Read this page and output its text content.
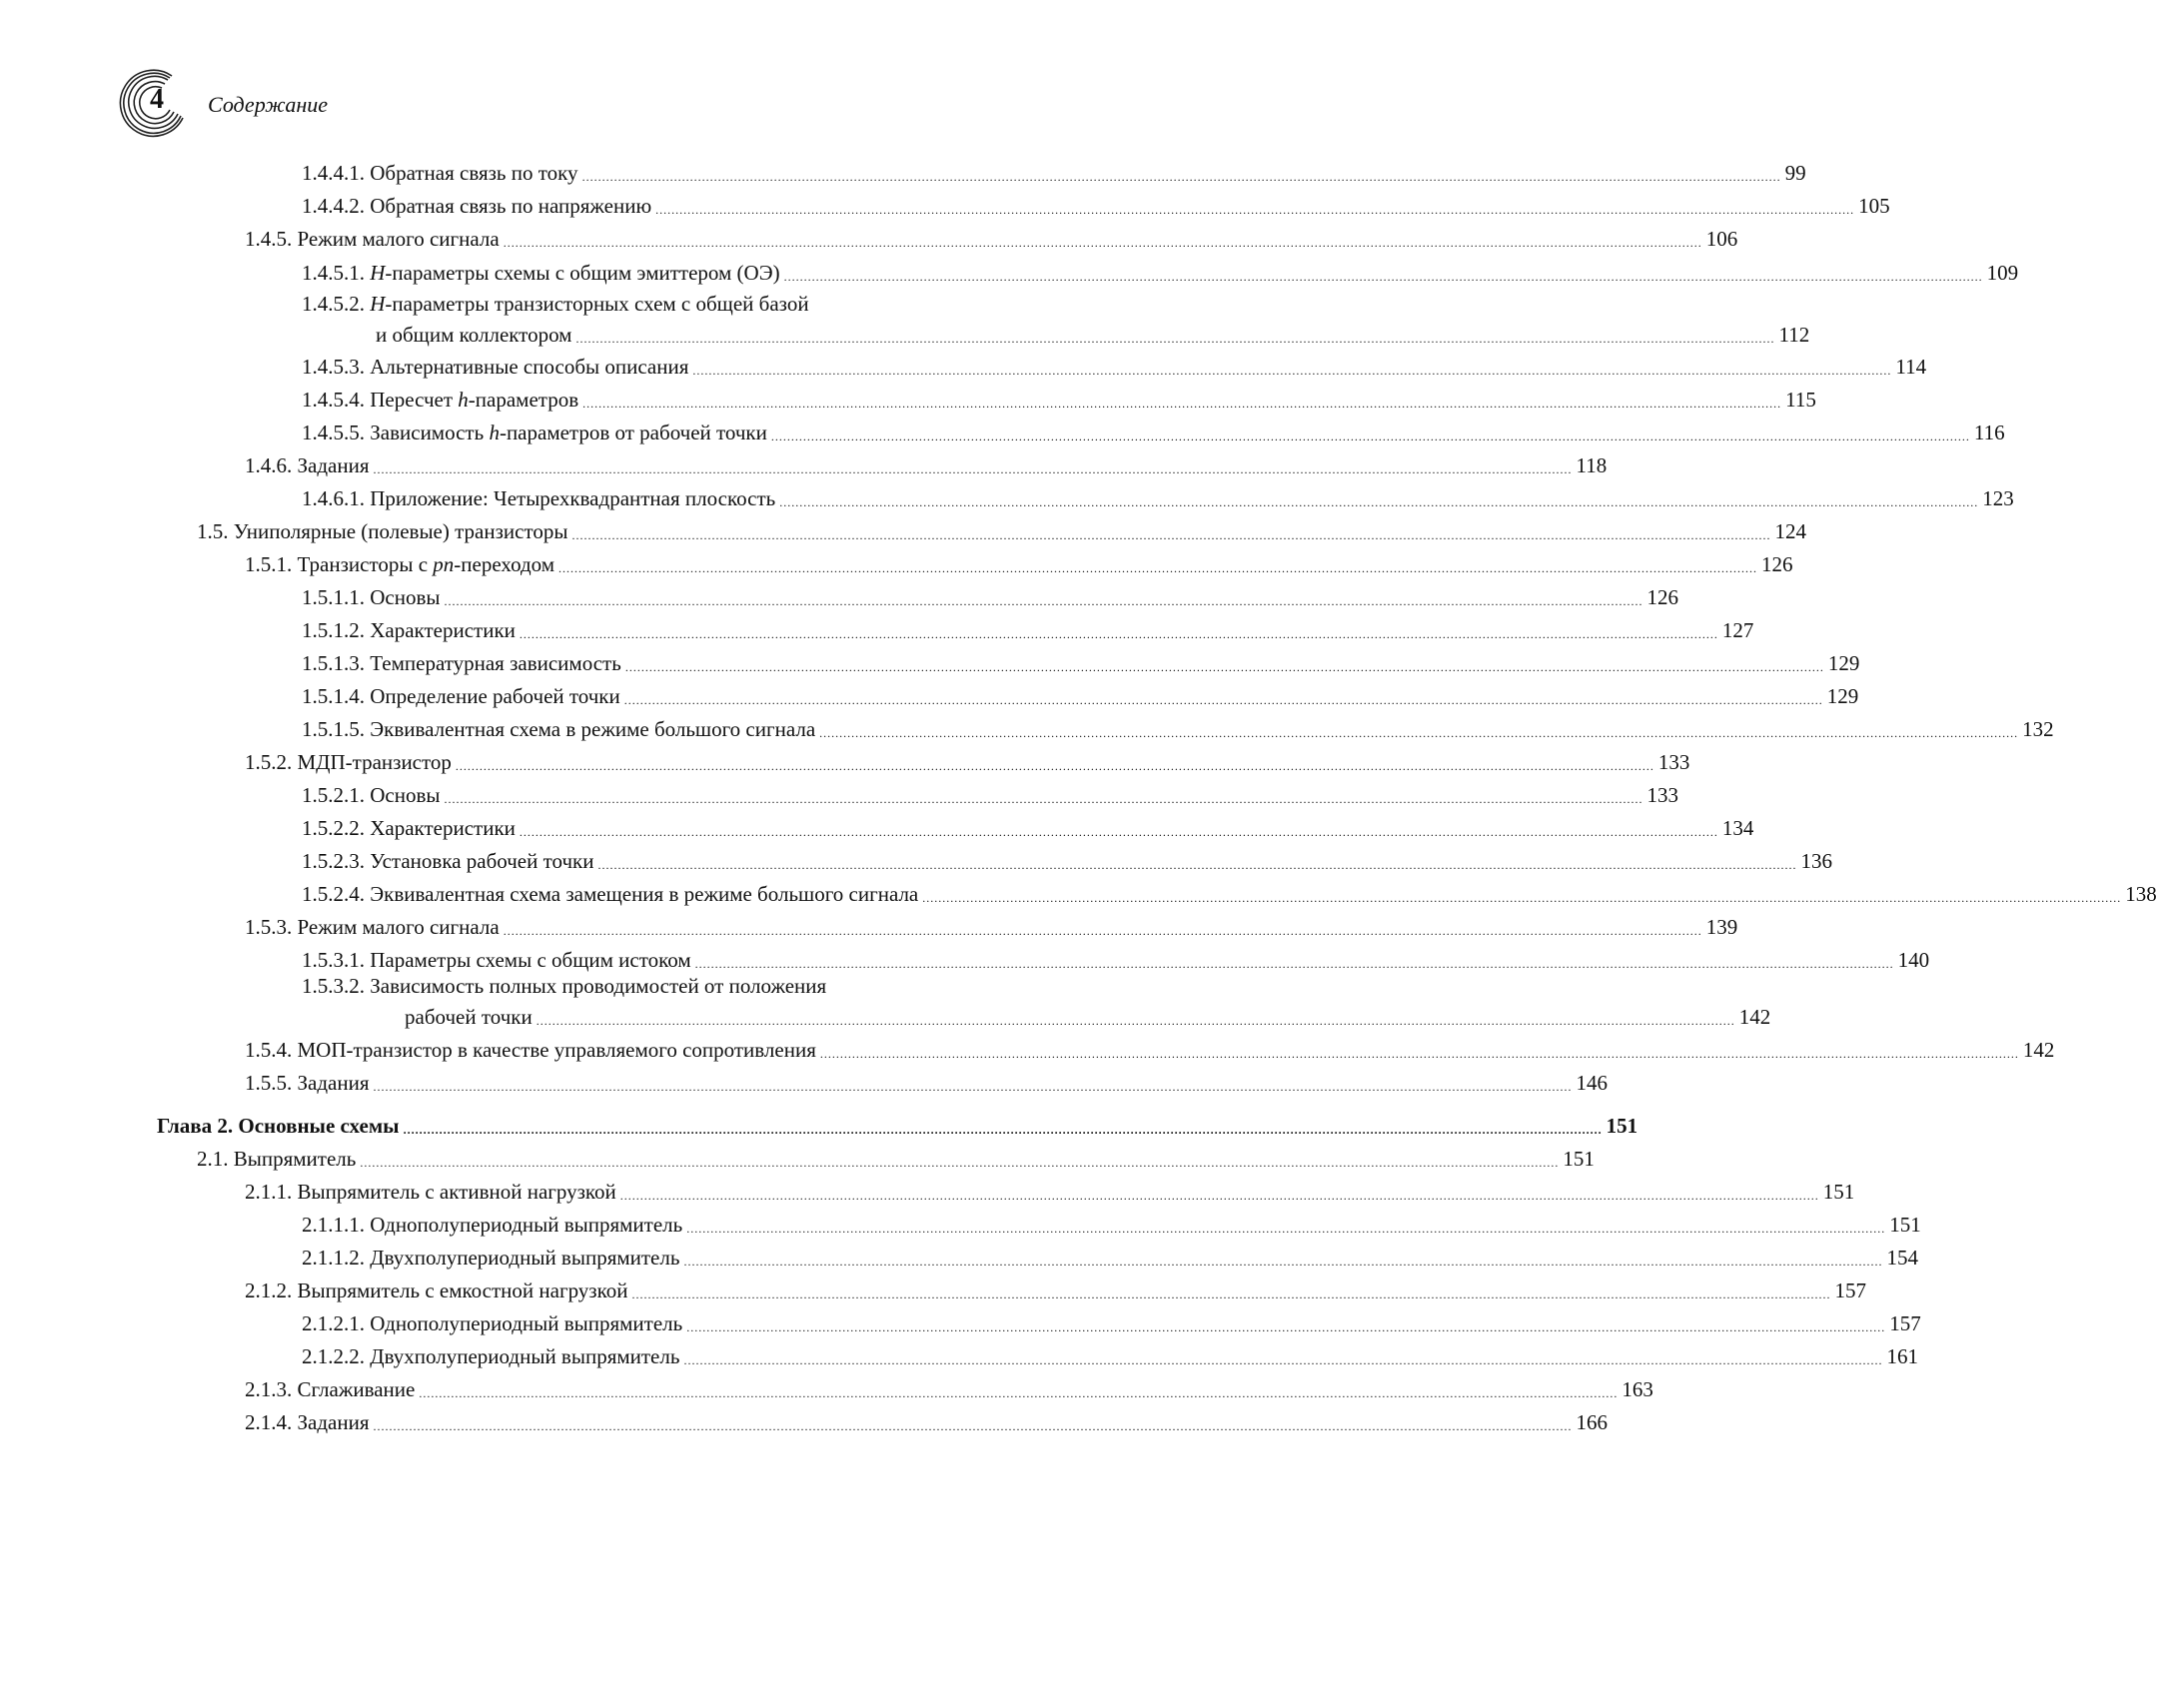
4 Содержание
1.4.4.1. Обратная связь по току ............................................................................................................................................................................................................................................................................................................ 99
1.4.4.2. Обратная связь по напряжению ............................................................................................................................................................................................................................................................................................................ 105
1.4.5. Режим малого сигнала ............................................................................................................................................................................................................................................................................................................ 106
1.4.5.1. H-параметры схемы с общим эмиттером (ОЭ) ............................................................................................................................................................................................................................................................................................................ 109
1.4.5.2. H-параметры транзисторных схем с общей базой
и общим коллектором ............................................................................................................................................................................................................................................................................................................ 112
1.4.5.3. Альтернативные способы описания ............................................................................................................................................................................................................................................................................................................ 114
1.4.5.4. Пересчет h-параметров ............................................................................................................................................................................................................................................................................................................ 115
1.4.5.5. Зависимость h-параметров от рабочей точки ............................................................................................................................................................................................................................................................................................................ 116
1.4.6. Задания ............................................................................................................................................................................................................................................................................................................ 118
1.4.6.1. Приложение: Четырехквадрантная плоскость ............................................................................................................................................................................................................................................................................................................ 123
1.5. Униполярные (полевые) транзисторы ............................................................................................................................................................................................................................................................................................................ 124
1.5.1. Транзисторы с pn-переходом ............................................................................................................................................................................................................................................................................................................ 126
1.5.1.1. Основы ............................................................................................................................................................................................................................................................................................................ 126
1.5.1.2. Характеристики ............................................................................................................................................................................................................................................................................................................ 127
1.5.1.3. Температурная зависимость ............................................................................................................................................................................................................................................................................................................ 129
1.5.1.4. Определение рабочей точки ............................................................................................................................................................................................................................................................................................................ 129
1.5.1.5. Эквивалентная схема в режиме большого сигнала ............................................................................................................................................................................................................................................................................................................ 132
1.5.2. МДП-транзистор ............................................................................................................................................................................................................................................................................................................ 133
1.5.2.1. Основы ............................................................................................................................................................................................................................................................................................................ 133
1.5.2.2. Характеристики ............................................................................................................................................................................................................................................................................................................ 134
1.5.2.3. Установка рабочей точки ............................................................................................................................................................................................................................................................................................................ 136
1.5.2.4. Эквивалентная схема замещения в режиме большого сигнала ............................................................................................................................................................................................................................................................................................................ 138
1.5.3. Режим малого сигнала ............................................................................................................................................................................................................................................................................................................ 139
1.5.3.1. Параметры схемы с общим истоком ............................................................................................................................................................................................................................................................................................................ 140
1.5.3.2. Зависимость полных проводимостей от положения
рабочей точки ............................................................................................................................................................................................................................................................................................................ 142
1.5.4. МОП-транзистор в качестве управляемого сопротивления ............................................................................................................................................................................................................................................................................................................ 142
1.5.5. Задания ............................................................................................................................................................................................................................................................................................................ 146
Глава 2. Основные схемы ............................................................................................................................................................................................................................................................................................................ 151
2.1. Выпрямитель ............................................................................................................................................................................................................................................................................................................ 151
2.1.1. Выпрямитель с активной нагрузкой ............................................................................................................................................................................................................................................................................................................ 151
2.1.1.1. Однополупериодный выпрямитель ............................................................................................................................................................................................................................................................................................................ 151
2.1.1.2. Двухполупериодный выпрямитель ............................................................................................................................................................................................................................................................................................................ 154
2.1.2. Выпрямитель с емкостной нагрузкой ............................................................................................................................................................................................................................................................................................................ 157
2.1.2.1. Однополупериодный выпрямитель ............................................................................................................................................................................................................................................................................................................ 157
2.1.2.2. Двухполупериодный выпрямитель ............................................................................................................................................................................................................................................................................................................ 161
2.1.3. Сглаживание ............................................................................................................................................................................................................................................................................................................ 163
2.1.4. Задания ............................................................................................................................................................................................................................................................................................................ 166
